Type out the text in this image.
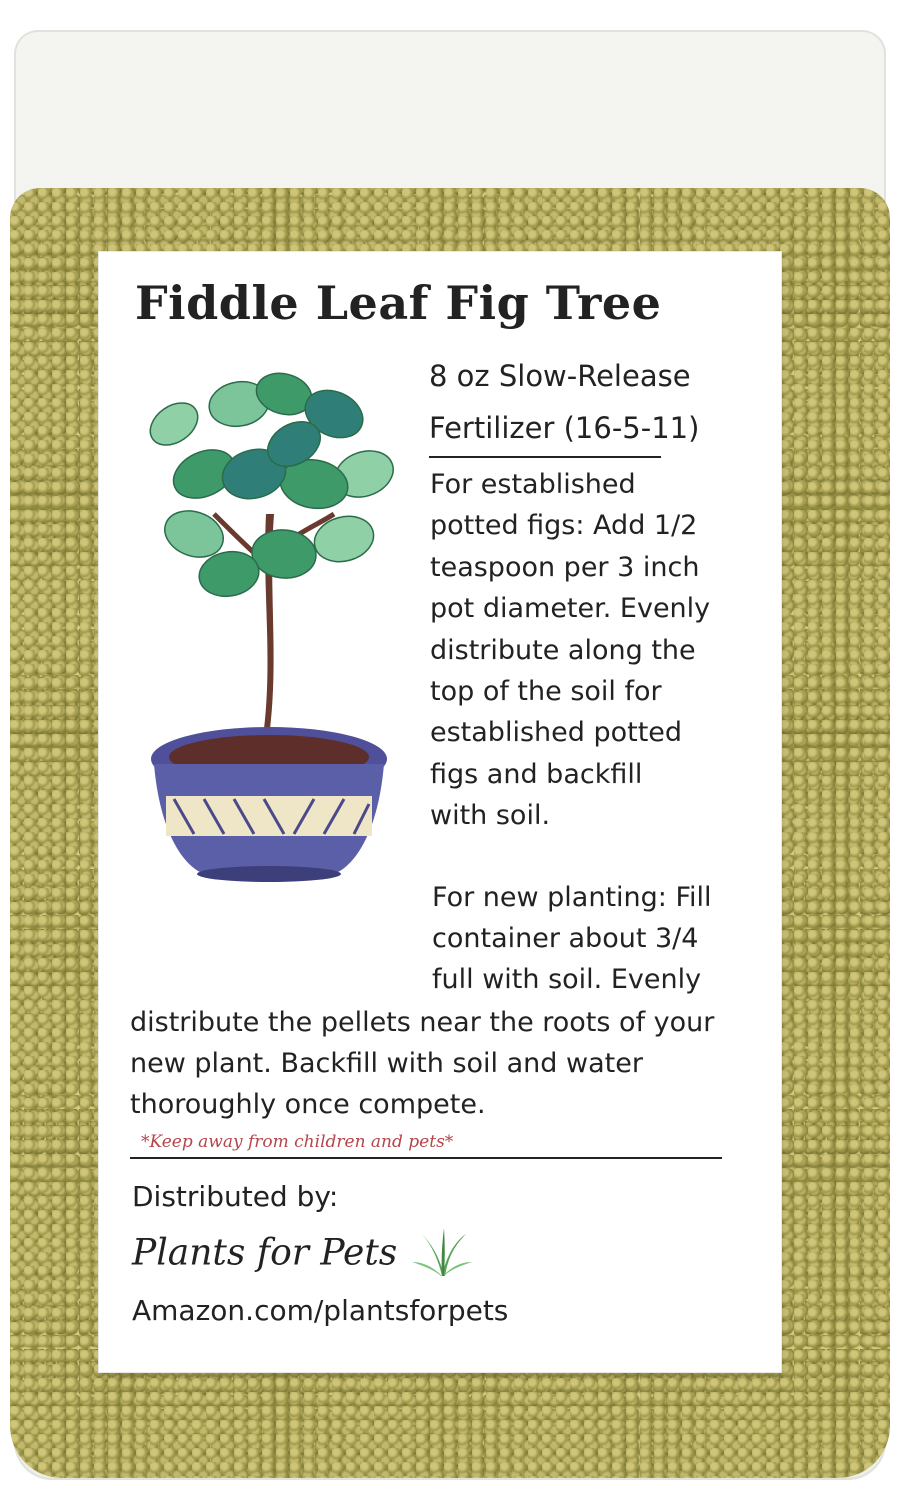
Fiddle Leaf Fig Tree
8 oz Slow-Release
Fertilizer (16-5-11)
For established
potted figs: Add 1/2
teaspoon per 3 inch
pot diameter. Evenly
distribute along the
top of the soil for
established potted
figs and backfill
with soil.
For new planting: Fill
container about 3/4
full with soil. Evenly
distribute the pellets near the roots of your
new plant. Backfill with soil and water
thoroughly once compete.
*Keep away from children and pets*
Distributed by:
Plants for Pets
Amazon.com/plantsforpets
